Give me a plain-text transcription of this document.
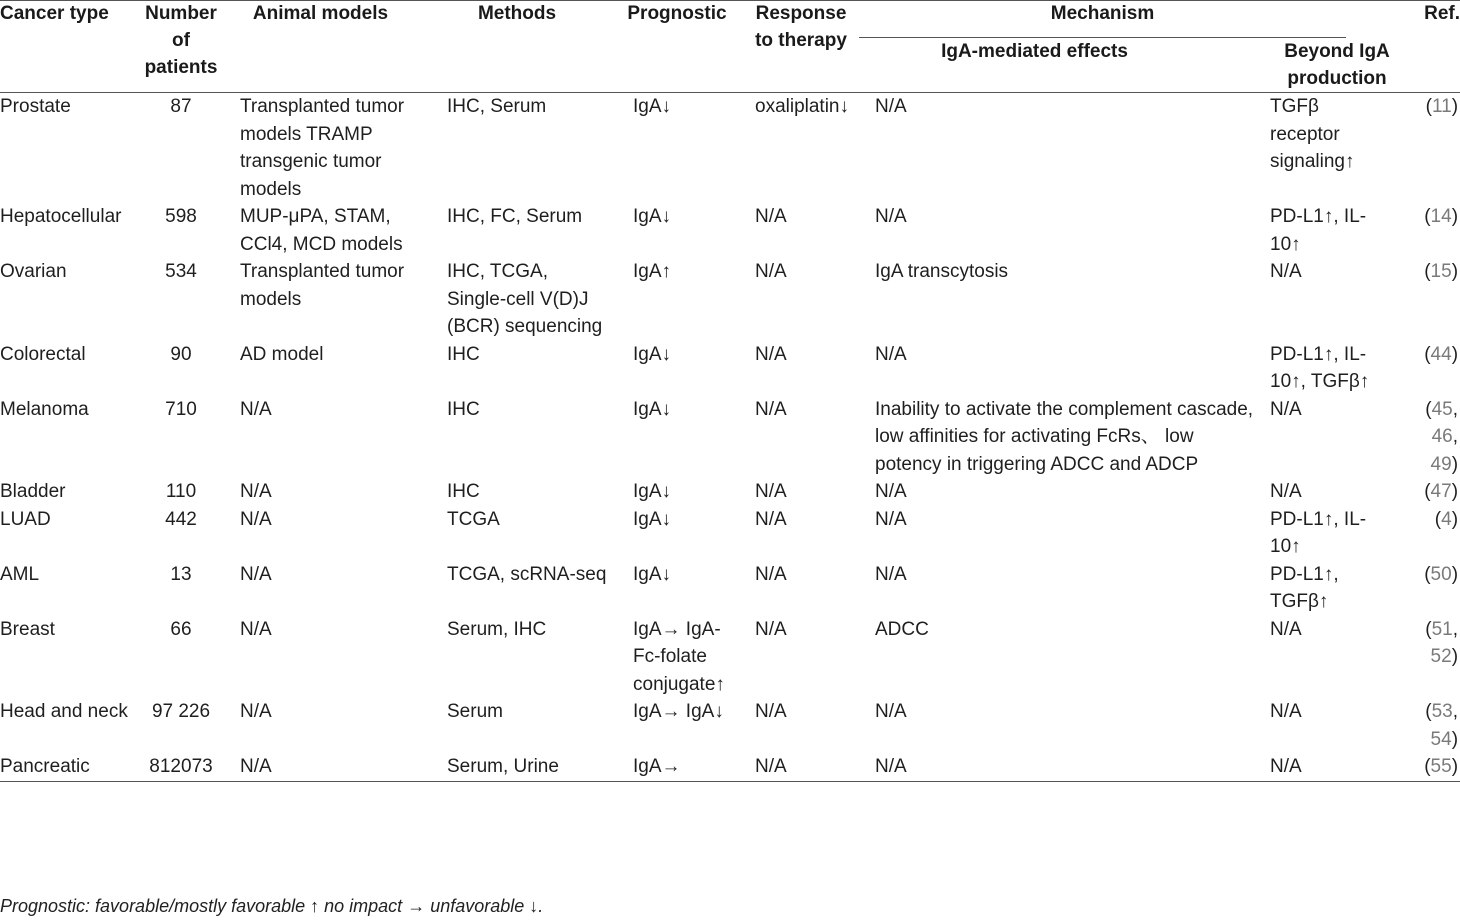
Cancer type	Number of patients	Animal models	Methods	Prognostic	Response to therapy	Mechanism		Ref.
						IgA-mediated effects	Beyond IgA production	
Prostate	87	Transplanted tumor models TRAMP transgenic tumor models	IHC, Serum	IgA↓	oxaliplatin↓	N/A	TGFβ receptor signaling↑	(11)
Hepatocellular	598	MUP-μPA, STAM, CCl4, MCD models	IHC, FC, Serum	IgA↓	N/A	N/A	PD-L1↑, IL-10↑	(14)
Ovarian	534	Transplanted tumor models	IHC, TCGA, Single-cell V(D)J (BCR) sequencing	IgA↑	N/A	IgA transcytosis	N/A	(15)
Colorectal	90	AD model	IHC	IgA↓	N/A	N/A	PD-L1↑, IL-10↑, TGFβ↑	(44)
Melanoma	710	N/A	IHC	IgA↓	N/A	Inability to activate the complement cascade, low affinities for activating FcRs、 low potency in triggering ADCC and ADCP	N/A	(45,
46,
49)
Bladder	110	N/A	IHC	IgA↓	N/A	N/A	N/A	(47)
LUAD	442	N/A	TCGA	IgA↓	N/A	N/A	PD-L1↑, IL-10↑	(4)
AML	13	N/A	TCGA, scRNA-seq	IgA↓	N/A	N/A	PD-L1↑, TGFβ↑	(50)
Breast	66	N/A	Serum, IHC	IgA→ IgA-Fc-folate conjugate↑	N/A	ADCC	N/A	(51,
52)
Head and neck	97 226	N/A	Serum	IgA→ IgA↓	N/A	N/A	N/A	(53,
54)
Pancreatic	812073	N/A	Serum, Urine	IgA→	N/A	N/A	N/A	(55)
Prognostic: favorable/mostly favorable ↑ no impact → unfavorable ↓.
